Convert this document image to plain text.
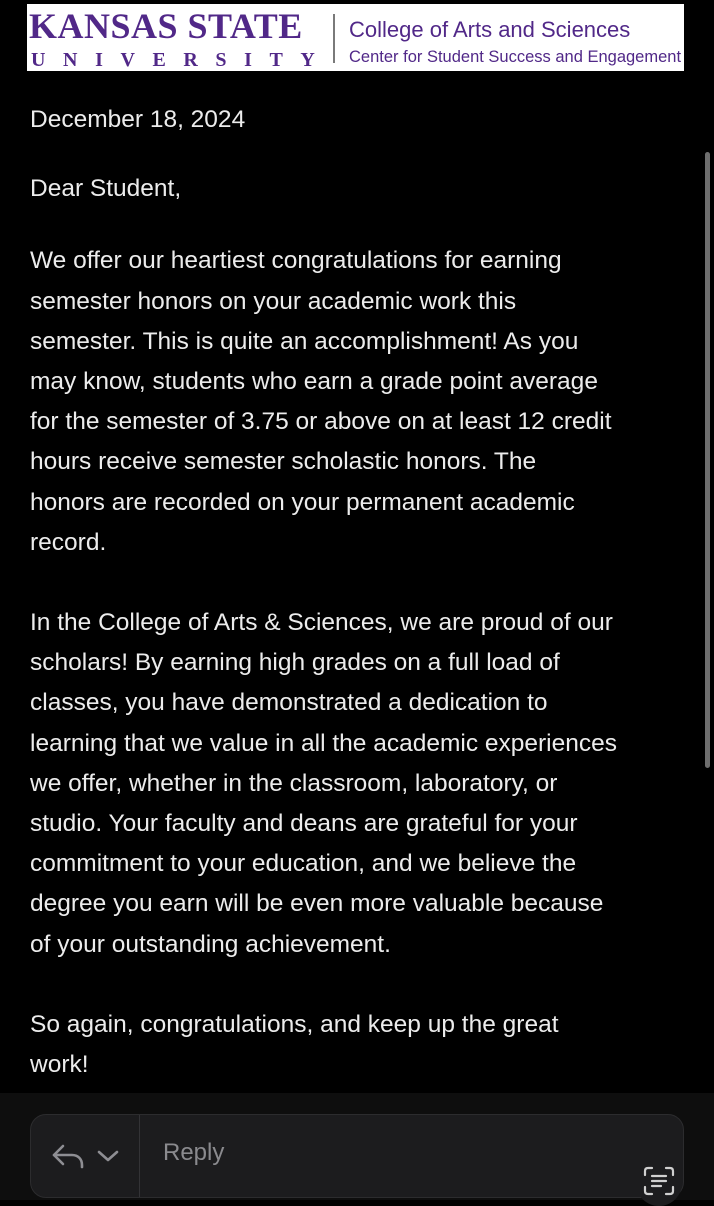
KANSAS STATE
U N I V E R S I T Y
College of Arts and Sciences
Center for Student Success and Engagement

December 18, 2024

Dear Student,

We offer our heartiest congratulations for earning
semester honors on your academic work this
semester. This is quite an accomplishment! As you
may know, students who earn a grade point average
for the semester of 3.75 or above on at least 12 credit
hours receive semester scholastic honors. The
honors are recorded on your permanent academic
record.

In the College of Arts & Sciences, we are proud of our
scholars! By earning high grades on a full load of
classes, you have demonstrated a dedication to
learning that we value in all the academic experiences
we offer, whether in the classroom, laboratory, or
studio. Your faculty and deans are grateful for your
commitment to your education, and we believe the
degree you earn will be even more valuable because
of your outstanding achievement.

So again, congratulations, and keep up the great
work!

Reply
